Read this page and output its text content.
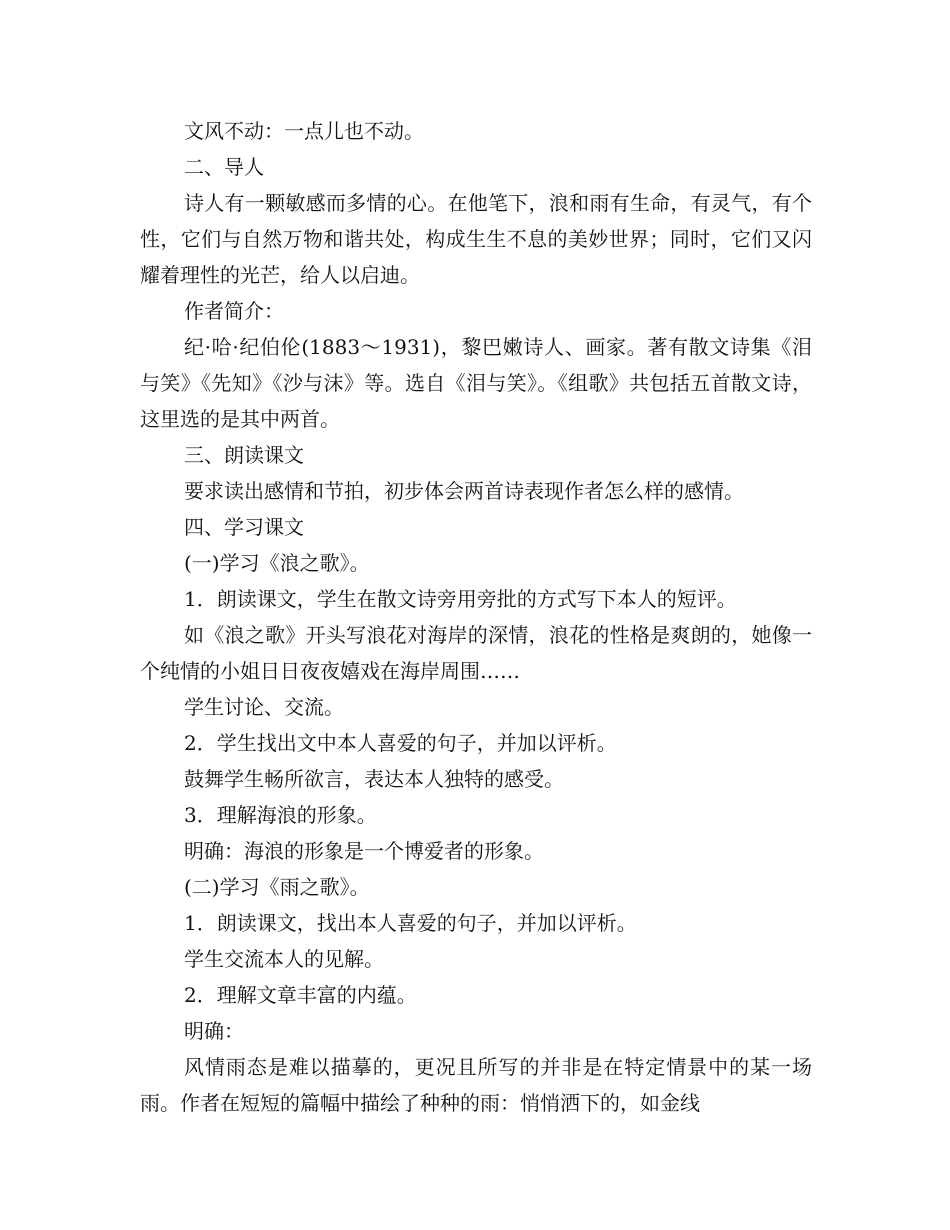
文风不动：一点儿也不动。

二、导人

诗人有一颗敏感而多情的心。在他笔下，浪和雨有生命，有灵气，有个性，它们与自然万物和谐共处，构成生生不息的美妙世界；同时，它们又闪耀着理性的光芒，给人以启迪。

作者简介：

纪·哈·纪伯伦(1883～1931)，黎巴嫩诗人、画家。著有散文诗集《泪与笑》《先知》《沙与沫》等。选自《泪与笑》。《组歌》共包括五首散文诗，这里选的是其中两首。

三、朗读课文

要求读出感情和节拍，初步体会两首诗表现作者怎么样的感情。

四、学习课文

(一)学习《浪之歌》。

1．朗读课文，学生在散文诗旁用旁批的方式写下本人的短评。

如《浪之歌》开头写浪花对海岸的深情，浪花的性格是爽朗的，她像一个纯情的小姐日日夜夜嬉戏在海岸周围……

学生讨论、交流。

2．学生找出文中本人喜爱的句子，并加以评析。

鼓舞学生畅所欲言，表达本人独特的感受。

3．理解海浪的形象。

明确：海浪的形象是一个博爱者的形象。

(二)学习《雨之歌》。

1．朗读课文，找出本人喜爱的句子，并加以评析。

学生交流本人的见解。

2．理解文章丰富的内蕴。

明确：

风情雨态是难以描摹的，更况且所写的并非是在特定情景中的某一场雨。作者在短短的篇幅中描绘了种种的雨：悄悄洒下的，如金线
